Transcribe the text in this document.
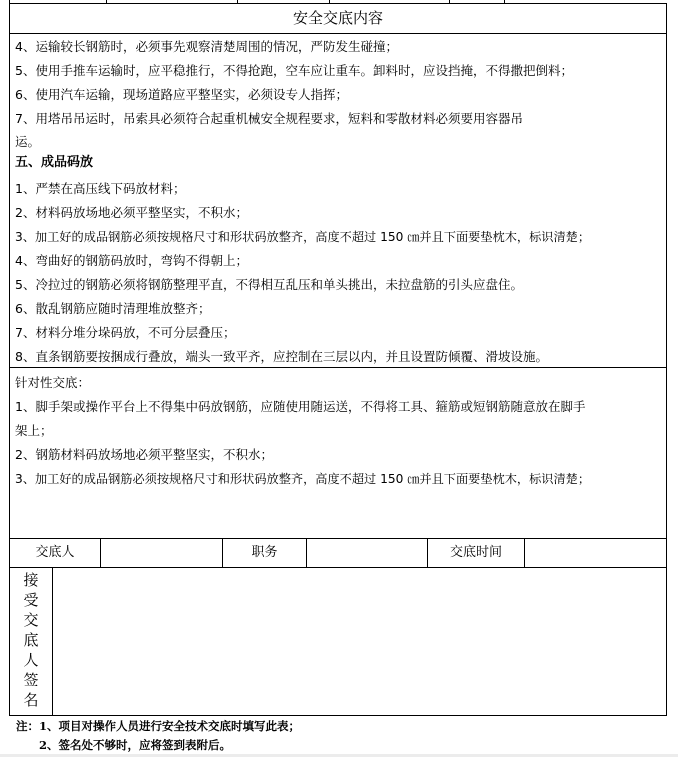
安全交底内容
4、运输较长钢筋时，必须事先观察清楚周围的情况，严防发生碰撞；
5、使用手推车运输时，应平稳推行，不得抢跑，空车应让重车。卸料时，应设挡掩，不得撒把倒料；
6、使用汽车运输，现场道路应平整坚实，必须设专人指挥；
7、用塔吊吊运时，吊索具必须符合起重机械安全规程要求，短料和零散材料必须要用容器吊
运。
五、成品码放
1、严禁在高压线下码放材料；
2、材料码放场地必须平整坚实，不积水；
3、加工好的成品钢筋必须按规格尺寸和形状码放整齐，高度不超过 150 ㎝并且下面要垫枕木，标识清楚；
4、弯曲好的钢筋码放时，弯钩不得朝上；
5、冷拉过的钢筋必须将钢筋整理平直，不得相互乱压和单头挑出，未拉盘筋的引头应盘住。
6、散乱钢筋应随时清理堆放整齐；
7、材料分堆分垛码放，不可分层叠压；
8、直条钢筋要按捆成行叠放，端头一致平齐，应控制在三层以内，并且设置防倾覆、滑坡设施。
针对性交底：
1、脚手架或操作平台上不得集中码放钢筋，应随使用随运送，不得将工具、箍筋或短钢筋随意放在脚手
架上；
2、钢筋材料码放场地必须平整坚实，不积水；
3、加工好的成品钢筋必须按规格尺寸和形状码放整齐，高度不超过 150 ㎝并且下面要垫枕木，标识清楚；
交底人	职务	交底时间
接
受
交
底
人
签
名
注：1、项目对操作人员进行安全技术交底时填写此表；
2、签名处不够时，应将签到表附后。
